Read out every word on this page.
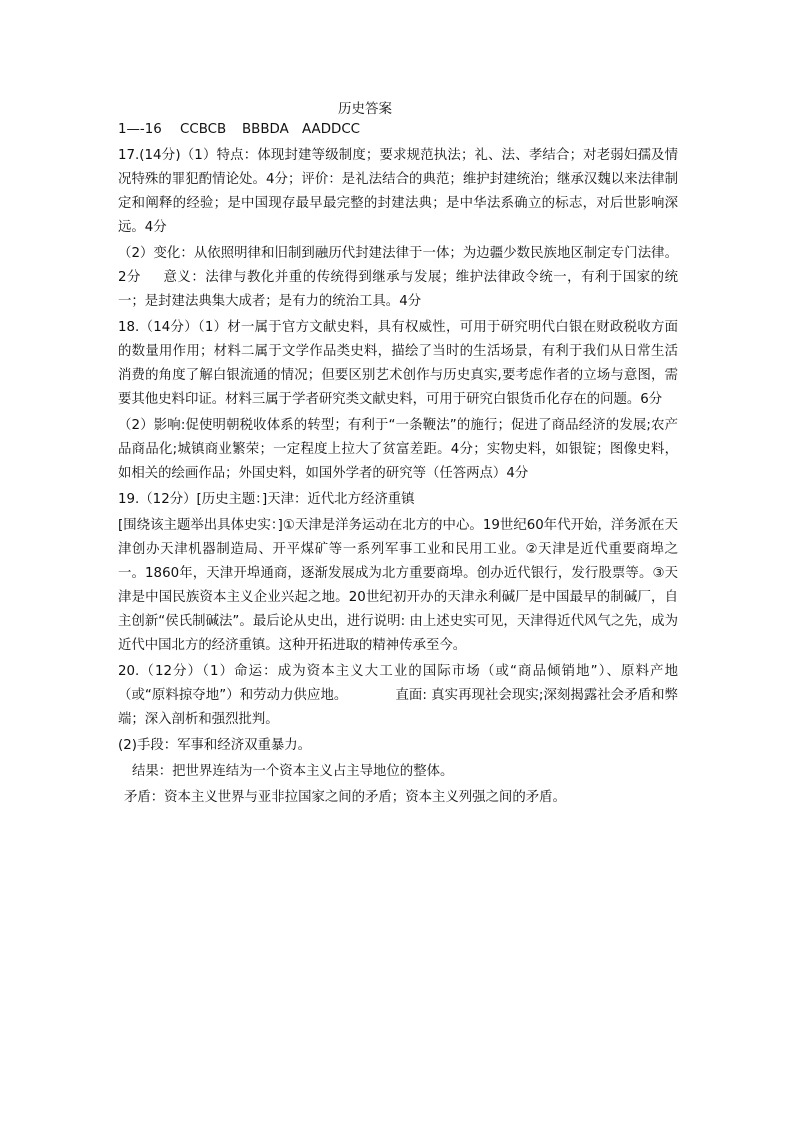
历史答案

1—-16 CCBCB BBBDA AADDCC

17.(14分)（1）特点：体现封建等级制度；要求规范执法；礼、法、孝结合；对老弱妇孺及情况特殊的罪犯酌情论处。4分；评价：是礼法结合的典范；维护封建统治；继承汉魏以来法律制定和阐释的经验；是中国现存最早最完整的封建法典；是中华法系确立的标志，对后世影响深远。4分

（2）变化：从依照明律和旧制到融历代封建法律于一体；为边疆少数民族地区制定专门法律。2分 意义：法律与教化并重的传统得到继承与发展；维护法律政令统一，有利于国家的统一；是封建法典集大成者；是有力的统治工具。4分

18.（14分）（1）材一属于官方文献史料，具有权威性，可用于研究明代白银在财政税收方面的数量用作用；材料二属于文学作品类史料，描绘了当时的生活场景，有利于我们从日常生活消费的角度了解白银流通的情况；但要区别艺术创作与历史真实,要考虑作者的立场与意图，需要其他史料印证。材料三属于学者研究类文献史料，可用于研究白银货币化存在的问题。6分

（2）影响:促使明朝税收体系的转型；有利于“一条鞭法”的施行；促进了商品经济的发展;农产品商品化;城镇商业繁荣；一定程度上拉大了贫富差距。4分；实物史料，如银锭；图像史料，如相关的绘画作品；外国史料，如国外学者的研究等（任答两点）4分

19.（12分）[历史主题：]天津：近代北方经济重镇

[围绕该主题举出具体史实：]①天津是洋务运动在北方的中心。19世纪60年代开始，洋务派在天津创办天津机器制造局、开平煤矿等一系列军事工业和民用工业。②天津是近代重要商埠之一。1860年，天津开埠通商，逐渐发展成为北方重要商埠。创办近代银行，发行股票等。③天津是中国民族资本主义企业兴起之地。20世纪初开办的天津永利碱厂是中国最早的制碱厂，自主创新“侯氏制碱法”。最后论从史出，进行说明: 由上述史实可见，天津得近代风气之先，成为近代中国北方的经济重镇。这种开拓进取的精神传承至今。

20.（12分）（1）命运：成为资本主义大工业的国际市场（或“商品倾销地”）、原料产地（或“原料掠夺地”）和劳动力供应地。	直面: 真实再现社会现实;深刻揭露社会矛盾和弊端；深入剖析和强烈批判。

(2)手段：军事和经济双重暴力。

结果：把世界连结为一个资本主义占主导地位的整体。

矛盾：资本主义世界与亚非拉国家之间的矛盾；资本主义列强之间的矛盾。
